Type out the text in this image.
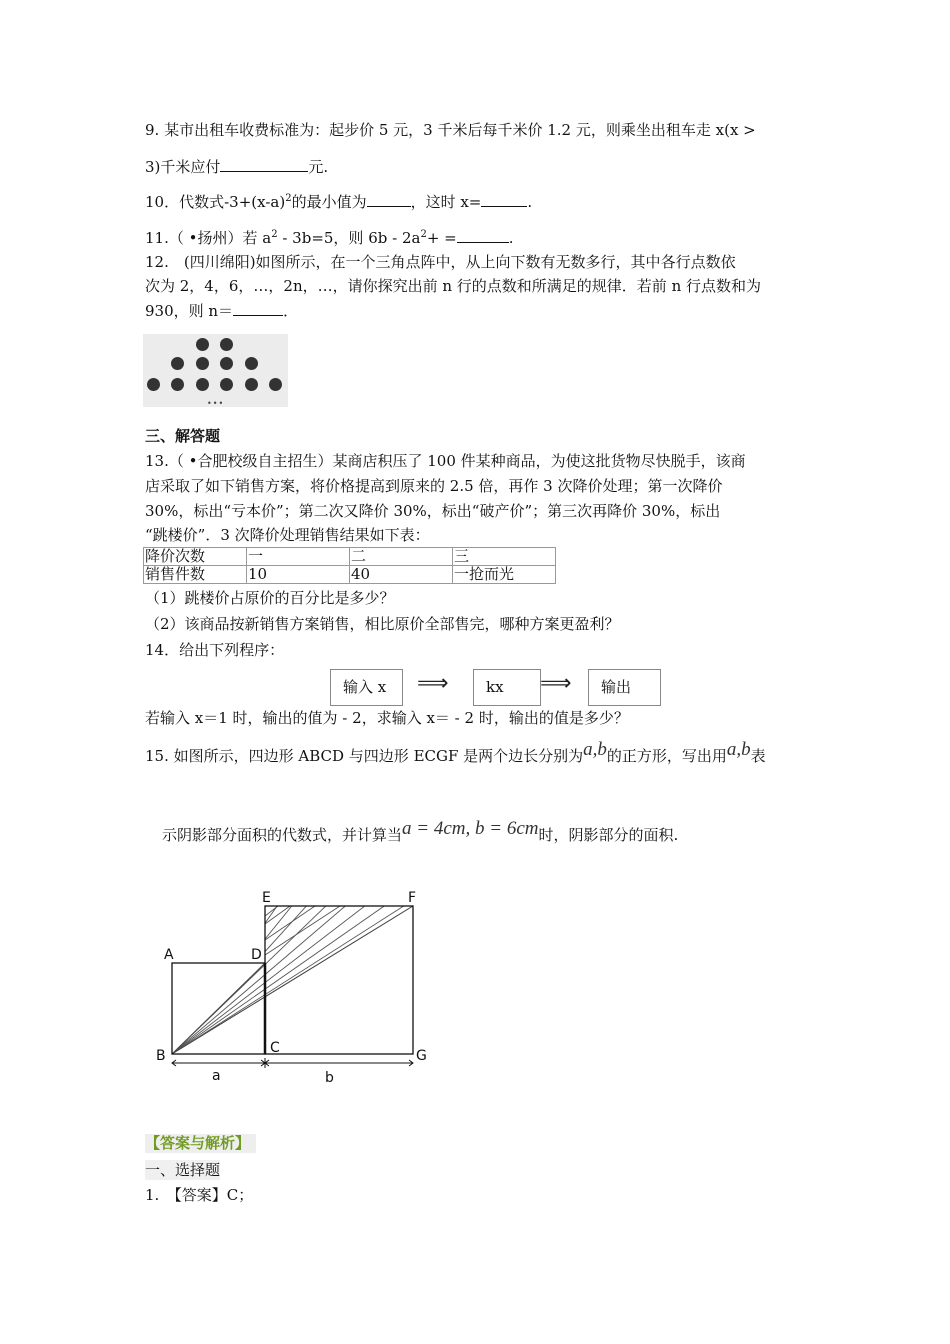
9. 某市出租车收费标准为：起步价 5 元，3 千米后每千米价 1.2 元，则乘坐出租车走 x(x >
3)千米应付	元.
10．代数式$-3+(x-a)^2$的最小值为	，这时 x=	.
11.（ •扬州）若 $a^2 - 3b=5$，则 $6b - 2a^2+$ =	.
12.　(四川绵阳)如图所示，在一个三角点阵中，从上向下数有无数多行，其中各行点数依
次为 2，4，6，…，2n，…，请你探究出前 n 行的点数和所满足的规律．若前 n 行点数和为
930，则 n＝	．
•••
三、解答题
13.（ •合肥校级自主招生）某商店积压了 100 件某种商品，为使这批货物尽快脱手，该商
店采取了如下销售方案，将价格提高到原来的 2.5 倍，再作 3 次降价处理；第一次降价
30%，标出“亏本价”；第二次又降价 30%，标出“破产价”；第三次再降价 30%，标出
“跳楼价”．3 次降价处理销售结果如下表：
降价次数	一	二	三
销售件数	10	40	一抢而光
（1）跳楼价占原价的百分比是多少？
（2）该商品按新销售方案销售，相比原价全部售完，哪种方案更盈利？
14．给出下列程序：
输入 x	⟹	kx	⟹	输出
若输入 x＝1 时，输出的值为 - 2，求输入 x＝ - 2 时，输出的值是多少？
15. 如图所示，四边形 ABCD 与四边形 ECGF 是两个边长分别为a,b的正方形，写出用a,b表
示阴影部分面积的代数式，并计算当a = 4cm, b = 6cm时，阴影部分的面积.
E	F
A	D
B	C	G
a	b
【答案与解析】
一、选择题
1.　【答案】C；
